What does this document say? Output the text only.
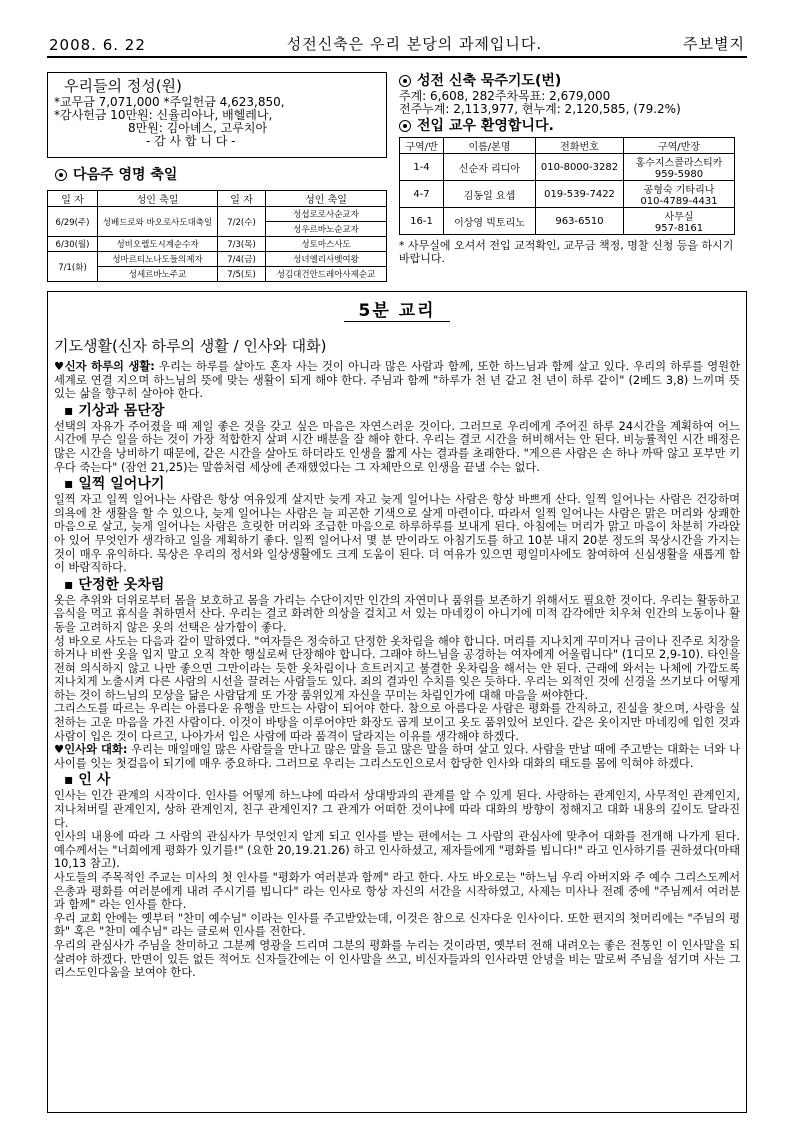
2008. 6. 22	성전신축은 우리 본당의 과제입니다.	주보별지
우리들의 정성(원)
*교무금 7,071,000 *주일헌금 4,623,850,
*감사헌금 10만원: 신율리아나, 배헬레나,
8만원: 김아녜스, 고루치아
- 감 사 합 니 다 -
다음주 영명 축일
일 자	성인 축일	일 자	성인 축일
6/29(주)	성베드로와 바오로사도대축일	7/2(수)	성섭로로사순교자
			성우르바노순교자
6/30(월)	성비오렐도시계순수자	7/3(목)	성토마스사도
7/1(화)	성마르티노나도들의제자	7/4(금)	성녀엘리사벳여왕
	성세르바노주교	7/5(토)	성김대건안드레아사제순교
성전 신축 묵주기도(번)
주계: 6,608, 282주차목표: 2,679,000
전주누계: 2,113,977, 현누계: 2,120,585, (79.2%)
전입 교우 환영합니다.
구역/반	이름/본명	전화번호	구역/반장
1-4	신순자 리디아	010-8000-3282	홍수지스콜라스티카
959-5980

4-7	김동일 요셉	019-539-7422	공형숙 기타리나
010-4789-4431

16-1	이상영 빅토리노	963-6510	사무실
957-8161
* 사무실에 오셔서 전입 교적확인, 교무금 책정, 명찰 신청 등을 하시기 바랍니다.
5분 교리
기도생활(신자 하루의 생활 / 인사와 대화)
♥신자 하루의 생활: 우리는 하루를 살아도 혼자 사는 것이 아니라 많은 사람과 함께, 또한 하느님과 함께 살고 있다. 우리의 하루를 영원한 세계로 연결 지으며 하느님의 뜻에 맞는 생활이 되게 해야 한다. 주님과 함께 "하루가 천 년 같고 천 년이 하루 같이" (2베드 3,8) 느끼며 뜻있는 삶을 향구히 살아야 한다.
▪ 기상과 몸단장
선택의 자유가 주어졌을 때 제일 좋은 것을 갖고 싶은 마음은 자연스러운 것이다. 그러므로 우리에게 주어진 하루 24시간을 계획하여 어느 시간에 무슨 일을 하는 것이 가장 적합한지 살펴 시간 배분을 잘 해야 한다. 우리는 결코 시간을 허비해서는 안 된다. 비능률적인 시간 배정은 많은 시간을 낭비하기 때문에, 같은 시간을 살아도 하더라도 인생을 짧게 사는 결과를 초래한다. "게으른 사람은 손 하나 까딱 않고 포부만 키우다 죽는다" (잠언 21,25)는 말씀처럼 세상에 존재했었다는 그 자체만으로 인생을 끝낼 수는 없다.
▪ 일찍 일어나기
일찍 자고 일찍 일어나는 사람은 항상 여유있게 살지만 늦게 자고 늦게 일어나는 사람은 항상 바쁘게 산다. 일찍 일어나는 사람은 건강하며 의욕에 찬 생활을 할 수 있으나, 늦게 일어나는 사람은 늘 피곤한 기색으로 살게 마련이다. 따라서 일찍 일어나는 사람은 맑은 머리와 상쾌한 마음으로 살고, 늦게 일어나는 사람은 흐릿한 머리와 조급한 마음으로 하루하루를 보내게 된다. 아침에는 머리가 맑고 마음이 차분히 가라앉아 있어 무엇인가 생각하고 일을 계획하기 좋다. 일찍 일어나서 몇 분 만이라도 아침기도를 하고 10분 내지 20분 정도의 묵상시간을 가지는 것이 매우 유익하다. 묵상은 우리의 정서와 일상생활에도 크게 도움이 된다. 더 여유가 있으면 평일미사에도 참여하여 신심생활을 새롭게 함이 바람직하다.
▪ 단정한 옷차림
옷은 추위와 더위로부터 몸을 보호하고 몸을 가리는 수단이지만 인간의 자연미나 품위를 보존하기 위해서도 필요한 것이다. 우리는 활동하고 음식을 먹고 휴식을 취하면서 산다. 우리는 결코 화려한 의상을 걸치고 서 있는 마네킹이 아니기에 미적 감각에만 치우쳐 인간의 노동이나 활동을 고려하지 않은 옷의 선택은 삼가함이 좋다.
성 바오로 사도는 다음과 같이 말하였다. "여자들은 정숙하고 단정한 옷차림을 해야 합니다. 머리를 지나치게 꾸미거나 금이나 진주로 치장을 하거나 비싼 옷을 입지 말고 오직 착한 행실로써 단장해야 합니다. 그래야 하느님을 공경하는 여자에게 어울립니다" (1디모 2,9-10). 타인을 전혀 의식하지 않고 나만 좋으면 그만이라는 듯한 옷차림이나 흐트러지고 불결한 옷차림을 해서는 안 된다. 근래에 와서는 나체에 가깝도록 지나치게 노출시켜 다른 사람의 시선을 끌려는 사람들도 있다. 죄의 결과인 수치를 잊은 듯하다. 우리는 외적인 것에 신경을 쓰기보다 어떻게 하는 것이 하느님의 모상을 닮은 사람답게 또 가장 품위있게 자신을 꾸미는 차림인가에 대해 마음을 써야한다.
그리스도를 따르는 우리는 아름다운 유행을 만드는 사람이 되어야 한다. 참으로 아름다운 사람은 평화를 간직하고, 진실을 찾으며, 사랑을 실천하는 고운 마음을 가진 사람이다. 이것이 바탕을 이루어야만 화장도 곱게 보이고 옷도 품위있어 보인다. 같은 옷이지만 마네킹에 입힌 것과 사람이 입은 것이 다르고, 나아가서 입은 사람에 따라 품격이 달라지는 이유를 생각해야 하겠다.
♥인사와 대화: 우리는 매일매일 많은 사람들을 만나고 많은 말을 듣고 많은 말을 하며 살고 있다. 사람을 만날 때에 주고받는 대화는 너와 나 사이를 잇는 첫걸음이 되기에 매우 중요하다. 그러므로 우리는 그리스도인으로서 합당한 인사와 대화의 태도를 몸에 익혀야 하겠다.
▪ 인 사
인사는 인간 관계의 시작이다. 인사를 어떻게 하느냐에 따라서 상대방과의 관계를 알 수 있게 된다. 사랑하는 관계인지, 사무적인 관계인지, 지나쳐버릴 관계인지, 상하 관계인지, 친구 관계인지? 그 관계가 어떠한 것이냐에 따라 대화의 방향이 정해지고 대화 내용의 깊이도 달라진다.
인사의 내용에 따라 그 사람의 관심사가 무엇인지 알게 되고 인사를 받는 편에서는 그 사람의 관심사에 맞추어 대화를 전개해 나가게 된다. 예수께서는 "너희에게 평화가 있기를!" (요한 20,19.21.26) 하고 인사하셨고, 제자들에게 "평화를 빕니다!" 라고 인사하기를 권하셨다(마태 10,13 참고).
사도들의 주목적인 주교는 미사의 첫 인사를 "평화가 여러분과 함께" 라고 한다. 사도 바오로는 "하느님 우리 아버지와 주 예수 그리스도께서 은총과 평화를 여러분에게 내려 주시기를 빕니다" 라는 인사로 항상 자신의 서간을 시작하였고, 사제는 미사나 전례 중에 "주님께서 여러분과 함께" 라는 인사를 한다.
우리 교회 안에는 옛부터 "찬미 예수님" 이라는 인사를 주고받았는데, 이것은 참으로 신자다운 인사이다. 또한 편지의 첫머리에는 "주님의 평화" 혹은 "찬미 예수님" 라는 글로써 인사를 전한다.
우리의 관심사가 주님을 찬미하고 그분께 영광을 드리며 그분의 평화를 누리는 것이라면, 옛부터 전해 내려오는 좋은 전통인 이 인사말을 되살려야 하겠다. 만면이 있든 없든 적어도 신자들간에는 이 인사말을 쓰고, 비신자들과의 인사라면 안녕을 비는 말로써 주님을 섬기며 사는 그리스도인다움을 보여야 한다.
